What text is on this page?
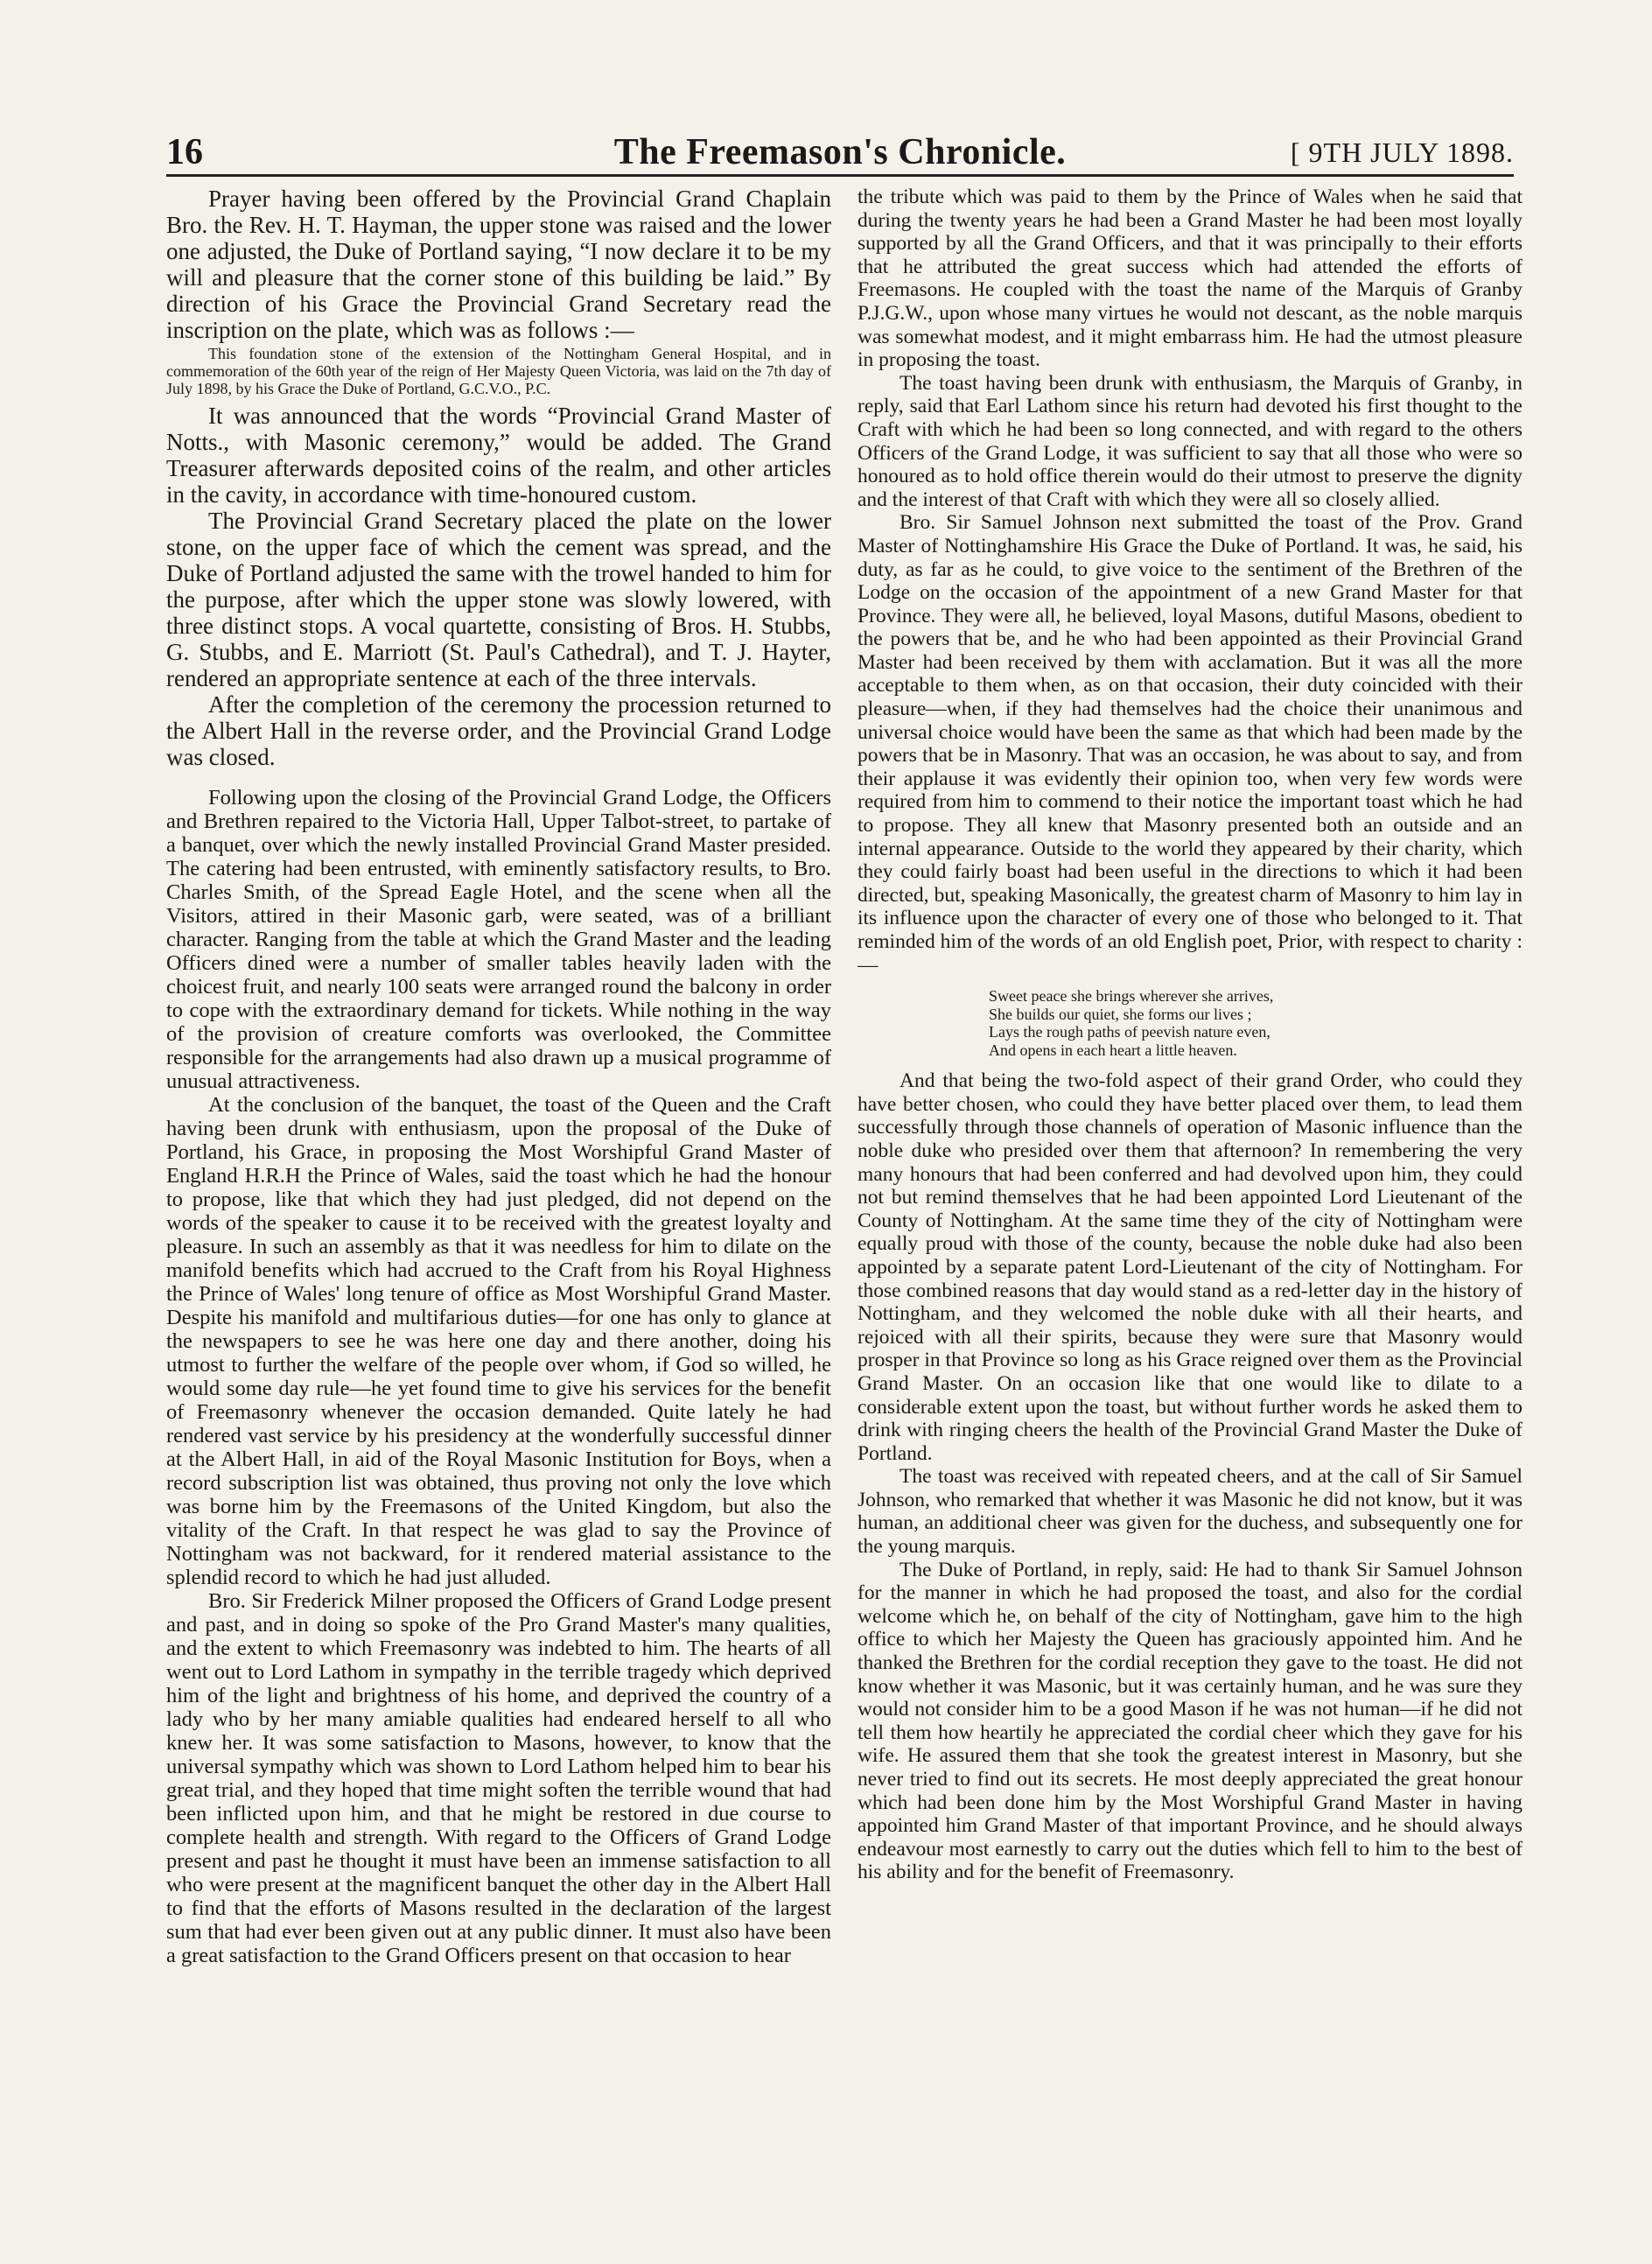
16	The Freemason's Chronicle.	[ 9TH JULY 1898.

Prayer having been offered by the Provincial Grand Chaplain Bro. the Rev. H. T. Hayman, the upper stone was raised and the lower one adjusted, the Duke of Portland saying, “I now declare it to be my will and pleasure that the corner stone of this building be laid.” By direction of his Grace the Provincial Grand Secretary read the inscription on the plate, which was as follows :—

This foundation stone of the extension of the Nottingham General Hospital, and in commemoration of the 60th year of the reign of Her Majesty Queen Victoria, was laid on the 7th day of July 1898, by his Grace the Duke of Portland, G.C.V.O., P.C.

It was announced that the words “Provincial Grand Master of Notts., with Masonic ceremony,” would be added. The Grand Treasurer afterwards deposited coins of the realm, and other articles in the cavity, in accordance with time-honoured custom.

The Provincial Grand Secretary placed the plate on the lower stone, on the upper face of which the cement was spread, and the Duke of Portland adjusted the same with the trowel handed to him for the purpose, after which the upper stone was slowly lowered, with three distinct stops. A vocal quartette, consisting of Bros. H. Stubbs, G. Stubbs, and E. Marriott (St. Paul's Cathedral), and T. J. Hayter, rendered an appropriate sentence at each of the three intervals.

After the completion of the ceremony the procession returned to the Albert Hall in the reverse order, and the Provincial Grand Lodge was closed.

Following upon the closing of the Provincial Grand Lodge, the Officers and Brethren repaired to the Victoria Hall, Upper Talbot-street, to partake of a banquet, over which the newly installed Provincial Grand Master presided. The catering had been entrusted, with eminently satisfactory results, to Bro. Charles Smith, of the Spread Eagle Hotel, and the scene when all the Visitors, attired in their Masonic garb, were seated, was of a brilliant character. Ranging from the table at which the Grand Master and the leading Officers dined were a number of smaller tables heavily laden with the choicest fruit, and nearly 100 seats were arranged round the balcony in order to cope with the extraordinary demand for tickets. While nothing in the way of the provision of creature comforts was overlooked, the Committee responsible for the arrangements had also drawn up a musical programme of unusual attractiveness.

At the conclusion of the banquet, the toast of the Queen and the Craft having been drunk with enthusiasm, upon the proposal of the Duke of Portland, his Grace, in proposing the Most Worshipful Grand Master of England H.R.H the Prince of Wales, said the toast which he had the honour to propose, like that which they had just pledged, did not depend on the words of the speaker to cause it to be received with the greatest loyalty and pleasure. In such an assembly as that it was needless for him to dilate on the manifold benefits which had accrued to the Craft from his Royal Highness the Prince of Wales' long tenure of office as Most Worshipful Grand Master. Despite his manifold and multifarious duties—for one has only to glance at the newspapers to see he was here one day and there another, doing his utmost to further the welfare of the people over whom, if God so willed, he would some day rule—he yet found time to give his services for the benefit of Freemasonry whenever the occasion demanded. Quite lately he had rendered vast service by his presidency at the wonderfully successful dinner at the Albert Hall, in aid of the Royal Masonic Institution for Boys, when a record subscription list was obtained, thus proving not only the love which was borne him by the Freemasons of the United Kingdom, but also the vitality of the Craft. In that respect he was glad to say the Province of Nottingham was not backward, for it rendered material assistance to the splendid record to which he had just alluded.

Bro. Sir Frederick Milner proposed the Officers of Grand Lodge present and past, and in doing so spoke of the Pro Grand Master's many qualities, and the extent to which Freemasonry was indebted to him. The hearts of all went out to Lord Lathom in sympathy in the terrible tragedy which deprived him of the light and brightness of his home, and deprived the country of a lady who by her many amiable qualities had endeared herself to all who knew her. It was some satisfaction to Masons, however, to know that the universal sympathy which was shown to Lord Lathom helped him to bear his great trial, and they hoped that time might soften the terrible wound that had been inflicted upon him, and that he might be restored in due course to complete health and strength. With regard to the Officers of Grand Lodge present and past he thought it must have been an immense satisfaction to all who were present at the magnificent banquet the other day in the Albert Hall to find that the efforts of Masons resulted in the declaration of the largest sum that had ever been given out at any public dinner. It must also have been a great satisfaction to the Grand Officers present on that occasion to hear

the tribute which was paid to them by the Prince of Wales when he said that during the twenty years he had been a Grand Master he had been most loyally supported by all the Grand Officers, and that it was principally to their efforts that he attributed the great success which had attended the efforts of Freemasons. He coupled with the toast the name of the Marquis of Granby P.J.G.W., upon whose many virtues he would not descant, as the noble marquis was somewhat modest, and it might embarrass him. He had the utmost pleasure in proposing the toast.

The toast having been drunk with enthusiasm, the Marquis of Granby, in reply, said that Earl Lathom since his return had devoted his first thought to the Craft with which he had been so long connected, and with regard to the others Officers of the Grand Lodge, it was sufficient to say that all those who were so honoured as to hold office therein would do their utmost to preserve the dignity and the interest of that Craft with which they were all so closely allied.

Bro. Sir Samuel Johnson next submitted the toast of the Prov. Grand Master of Nottinghamshire His Grace the Duke of Portland. It was, he said, his duty, as far as he could, to give voice to the sentiment of the Brethren of the Lodge on the occasion of the appointment of a new Grand Master for that Province. They were all, he believed, loyal Masons, dutiful Masons, obedient to the powers that be, and he who had been appointed as their Provincial Grand Master had been received by them with acclamation. But it was all the more acceptable to them when, as on that occasion, their duty coincided with their pleasure—when, if they had themselves had the choice their unanimous and universal choice would have been the same as that which had been made by the powers that be in Masonry. That was an occasion, he was about to say, and from their applause it was evidently their opinion too, when very few words were required from him to commend to their notice the important toast which he had to propose. They all knew that Masonry presented both an outside and an internal appearance. Outside to the world they appeared by their charity, which they could fairly boast had been useful in the directions to which it had been directed, but, speaking Masonically, the greatest charm of Masonry to him lay in its influence upon the character of every one of those who belonged to it. That reminded him of the words of an old English poet, Prior, with respect to charity :—

Sweet peace she brings wherever she arrives,
She builds our quiet, she forms our lives ;
Lays the rough paths of peevish nature even,
And opens in each heart a little heaven.

And that being the two-fold aspect of their grand Order, who could they have better chosen, who could they have better placed over them, to lead them successfully through those channels of operation of Masonic influence than the noble duke who presided over them that afternoon? In remembering the very many honours that had been conferred and had devolved upon him, they could not but remind themselves that he had been appointed Lord Lieutenant of the County of Nottingham. At the same time they of the city of Nottingham were equally proud with those of the county, because the noble duke had also been appointed by a separate patent Lord-Lieutenant of the city of Nottingham. For those combined reasons that day would stand as a red-letter day in the history of Nottingham, and they welcomed the noble duke with all their hearts, and rejoiced with all their spirits, because they were sure that Masonry would prosper in that Province so long as his Grace reigned over them as the Provincial Grand Master. On an occasion like that one would like to dilate to a considerable extent upon the toast, but without further words he asked them to drink with ringing cheers the health of the Provincial Grand Master the Duke of Portland.

The toast was received with repeated cheers, and at the call of Sir Samuel Johnson, who remarked that whether it was Masonic he did not know, but it was human, an additional cheer was given for the duchess, and subsequently one for the young marquis.

The Duke of Portland, in reply, said: He had to thank Sir Samuel Johnson for the manner in which he had proposed the toast, and also for the cordial welcome which he, on behalf of the city of Nottingham, gave him to the high office to which her Majesty the Queen has graciously appointed him. And he thanked the Brethren for the cordial reception they gave to the toast. He did not know whether it was Masonic, but it was certainly human, and he was sure they would not consider him to be a good Mason if he was not human—if he did not tell them how heartily he appreciated the cordial cheer which they gave for his wife. He assured them that she took the greatest interest in Masonry, but she never tried to find out its secrets. He most deeply appreciated the great honour which had been done him by the Most Worshipful Grand Master in having appointed him Grand Master of that important Province, and he should always endeavour most earnestly to carry out the duties which fell to him to the best of his ability and for the benefit of Freemasonry.
